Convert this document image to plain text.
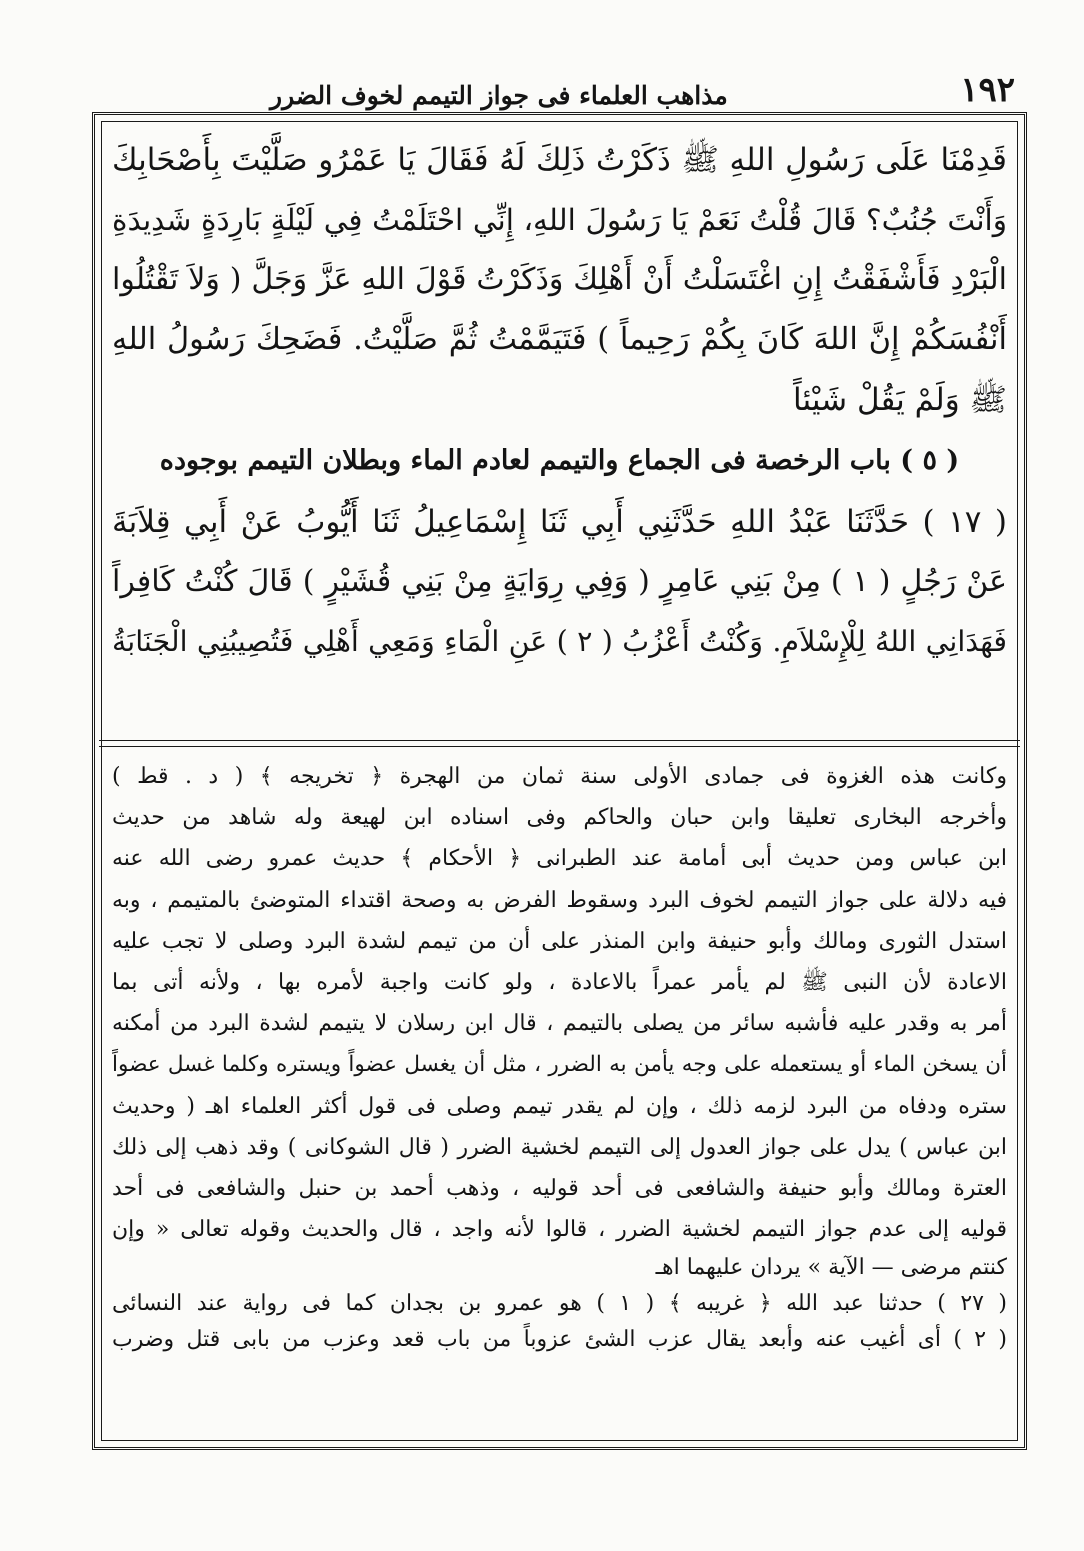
مذاهب العلماء فى جواز التيمم لخوف الضرر	١٩٢
قَدِمْنَا عَلَى رَسُولِ اللهِ ﷺ ذَكَرْتُ ذَلِكَ لَهُ فَقَالَ يَا عَمْرُو صَلَّيْتَ بِأَصْحَابِكَ
وَأَنْتَ جُنُبٌ؟ قَالَ قُلْتُ نَعَمْ يَا رَسُولَ اللهِ، إِنِّي احْتَلَمْتُ فِي لَيْلَةٍ بَارِدَةٍ شَدِيدَةِ
الْبَرْدِ فَأَشْفَقْتُ إِنِ اغْتَسَلْتُ أَنْ أَهْلِكَ وَذَكَرْتُ قَوْلَ اللهِ عَزَّ وَجَلَّ ( وَلاَ تَقْتُلُوا
أَنْفُسَكُمْ إِنَّ اللهَ كَانَ بِكُمْ رَحِيماً ) فَتَيَمَّمْتُ ثُمَّ صَلَّيْتُ. فَضَحِكَ رَسُولُ اللهِ
ﷺ وَلَمْ يَقُلْ شَيْئاً
( ٥ ) باب الرخصة فى الجماع والتيمم لعادم الماء وبطلان التيمم بوجوده
( ١٧ ) حَدَّثَنَا عَبْدُ اللهِ حَدَّثَنِي أَبِي ثَنَا إِسْمَاعِيلُ ثَنَا أَيُّوبُ عَنْ أَبِي قِلاَبَةَ
عَنْ رَجُلٍ ( ١ ) مِنْ بَنِي عَامِرٍ ( وَفِي رِوَايَةٍ مِنْ بَنِي قُشَيْرٍ ) قَالَ كُنْتُ كَافِراً
فَهَدَانِي اللهُ لِلْإِسْلاَمِ. وَكُنْتُ أَعْزُبُ ( ٢ ) عَنِ الْمَاءِ وَمَعِي أَهْلِي فَتُصِيبُنِي الْجَنَابَةُ
وكانت هذه الغزوة فى جمادى الأولى سنة ثمان من الهجرة ﴿ تخريجه ﴾ ( د . قط )
وأخرجه البخارى تعليقا وابن حبان والحاكم وفى اسناده ابن لهيعة وله شاهد من حديث
ابن عباس ومن حديث أبى أمامة عند الطبرانى ﴿ الأحكام ﴾ حديث عمرو رضى الله عنه
فيه دلالة على جواز التيمم لخوف البرد وسقوط الفرض به وصحة اقتداء المتوضئ بالمتيمم ، وبه
استدل الثورى ومالك وأبو حنيفة وابن المنذر على أن من تيمم لشدة البرد وصلى لا تجب عليه
الاعادة لأن النبى ﷺ لم يأمر عمراً بالاعادة ، ولو كانت واجبة لأمره بها ، ولأنه أتى بما
أمر به وقدر عليه فأشبه سائر من يصلى بالتيمم ، قال ابن رسلان لا يتيمم لشدة البرد من أمكنه
أن يسخن الماء أو يستعمله على وجه يأمن به الضرر ، مثل أن يغسل عضواً ويستره وكلما غسل عضواً
ستره ودفاه من البرد لزمه ذلك ، وإن لم يقدر تيمم وصلى فى قول أكثر العلماء اهـ ( وحديث
ابن عباس ) يدل على جواز العدول إلى التيمم لخشية الضرر ( قال الشوكانى ) وقد ذهب إلى ذلك
العترة ومالك وأبو حنيفة والشافعى فى أحد قوليه ، وذهب أحمد بن حنبل والشافعى فى أحد
قوليه إلى عدم جواز التيمم لخشية الضرر ، قالوا لأنه واجد ، قال والحديث وقوله تعالى « وإن
كنتم مرضى — الآية » يردان عليهما اهـ
( ٢٧ ) حدثنا عبد الله ﴿ غريبه ﴾ ( ١ ) هو عمرو بن بجدان كما فى رواية عند النسائى
( ٢ ) أى أغيب عنه وأبعد يقال عزب الشئ عزوباً من باب قعد وعزب من بابى قتل وضرب
